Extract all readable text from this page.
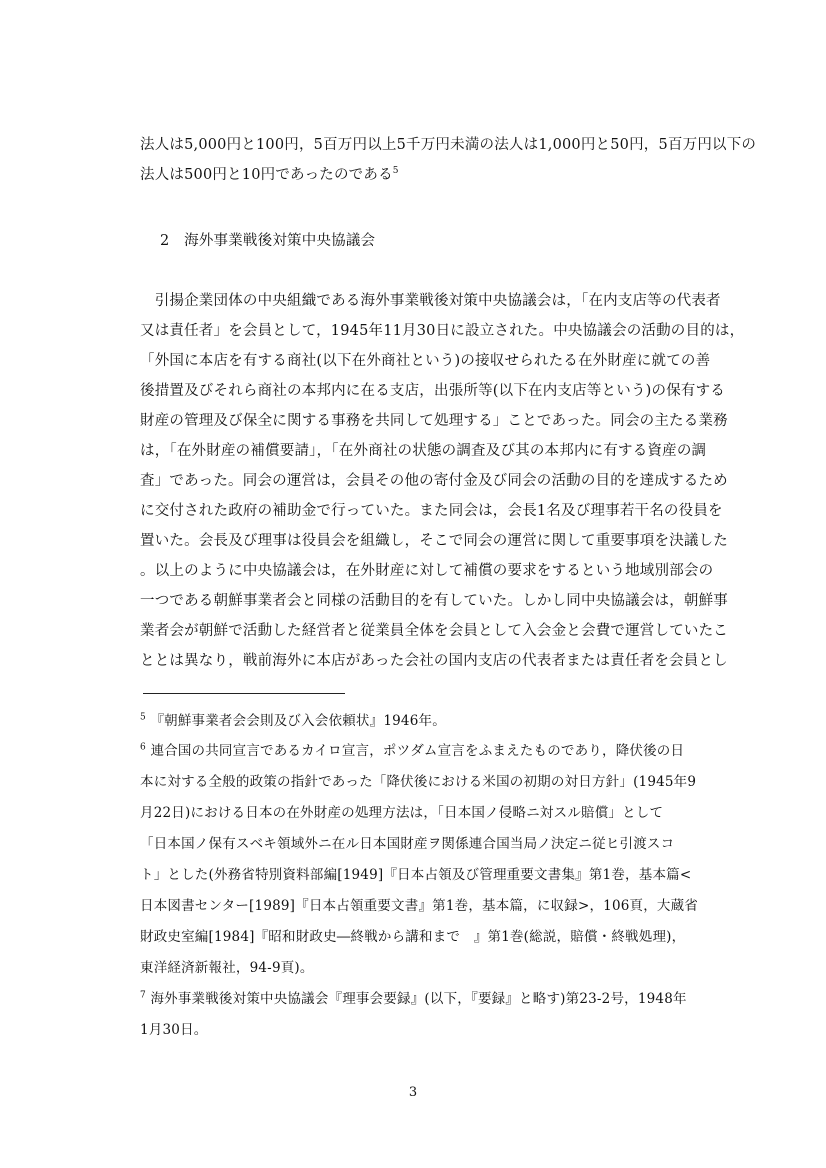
法人は5,000円と100円，5百万円以上5千万円未満の法人は1,000円と50円，5百万円以下の
法人は500円と10円であったのである$^5$
2　海外事業戦後対策中央協議会
　引揚企業団体の中央組織である海外事業戦後対策中央協議会は，「在内支店等の代表者
又は責任者」を会員として，1945年11月30日に設立された。中央協議会の活動の目的は，
「外国に本店を有する商社(以下在外商社という)の接収せられたる在外財産に就ての善
後措置及びそれら商社の本邦内に在る支店，出張所等(以下在内支店等という)の保有する
財産の管理及び保全に関する事務を共同して処理する」ことであった。同会の主たる業務
は，「在外財産の補償要請」，「在外商社の状態の調査及び其の本邦内に有する資産の調
査」であった。同会の運営は，会員その他の寄付金及び同会の活動の目的を達成するため
に交付された政府の補助金で行っていた。また同会は，会長1名及び理事若干名の役員を
置いた。会長及び理事は役員会を組織し，そこで同会の運営に関して重要事項を決議した
。以上のように中央協議会は，在外財産に対して補償の要求をするという地域別部会の
一つである朝鮮事業者会と同様の活動目的を有していた。しかし同中央協議会は，朝鮮事
業者会が朝鮮で活動した経営者と従業員全体を会員として入会金と会費で運営していたこ
ととは異なり，戦前海外に本店があった会社の国内支店の代表者または責任者を会員とし
$^5$ 『朝鮮事業者会会則及び入会依頼状』1946年。
$^6$ 連合国の共同宣言であるカイロ宣言，ポツダム宣言をふまえたものであり，降伏後の日
本に対する全般的政策の指針であった「降伏後における米国の初期の対日方針」(1945年9
月22日)における日本の在外財産の処理方法は，「日本国ノ侵略ニ対スル賠償」として
「日本国ノ保有スベキ領域外ニ在ル日本国財産ヲ関係連合国当局ノ決定ニ従ヒ引渡スコ
ト」とした(外務省特別資料部編[1949]『日本占領及び管理重要文書集』第1巻，基本篇<
日本図書センター[1989]『日本占領重要文書』第1巻，基本篇，に収録>，106頁，大蔵省
財政史室編[1984]『昭和財政史―終戦から講和まで　』第1巻(総説，賠償・終戦処理)，
東洋経済新報社，94-9頁)。
$^7$ 海外事業戦後対策中央協議会『理事会要録』(以下，『要録』と略す)第23-2号，1948年
1月30日。
3
